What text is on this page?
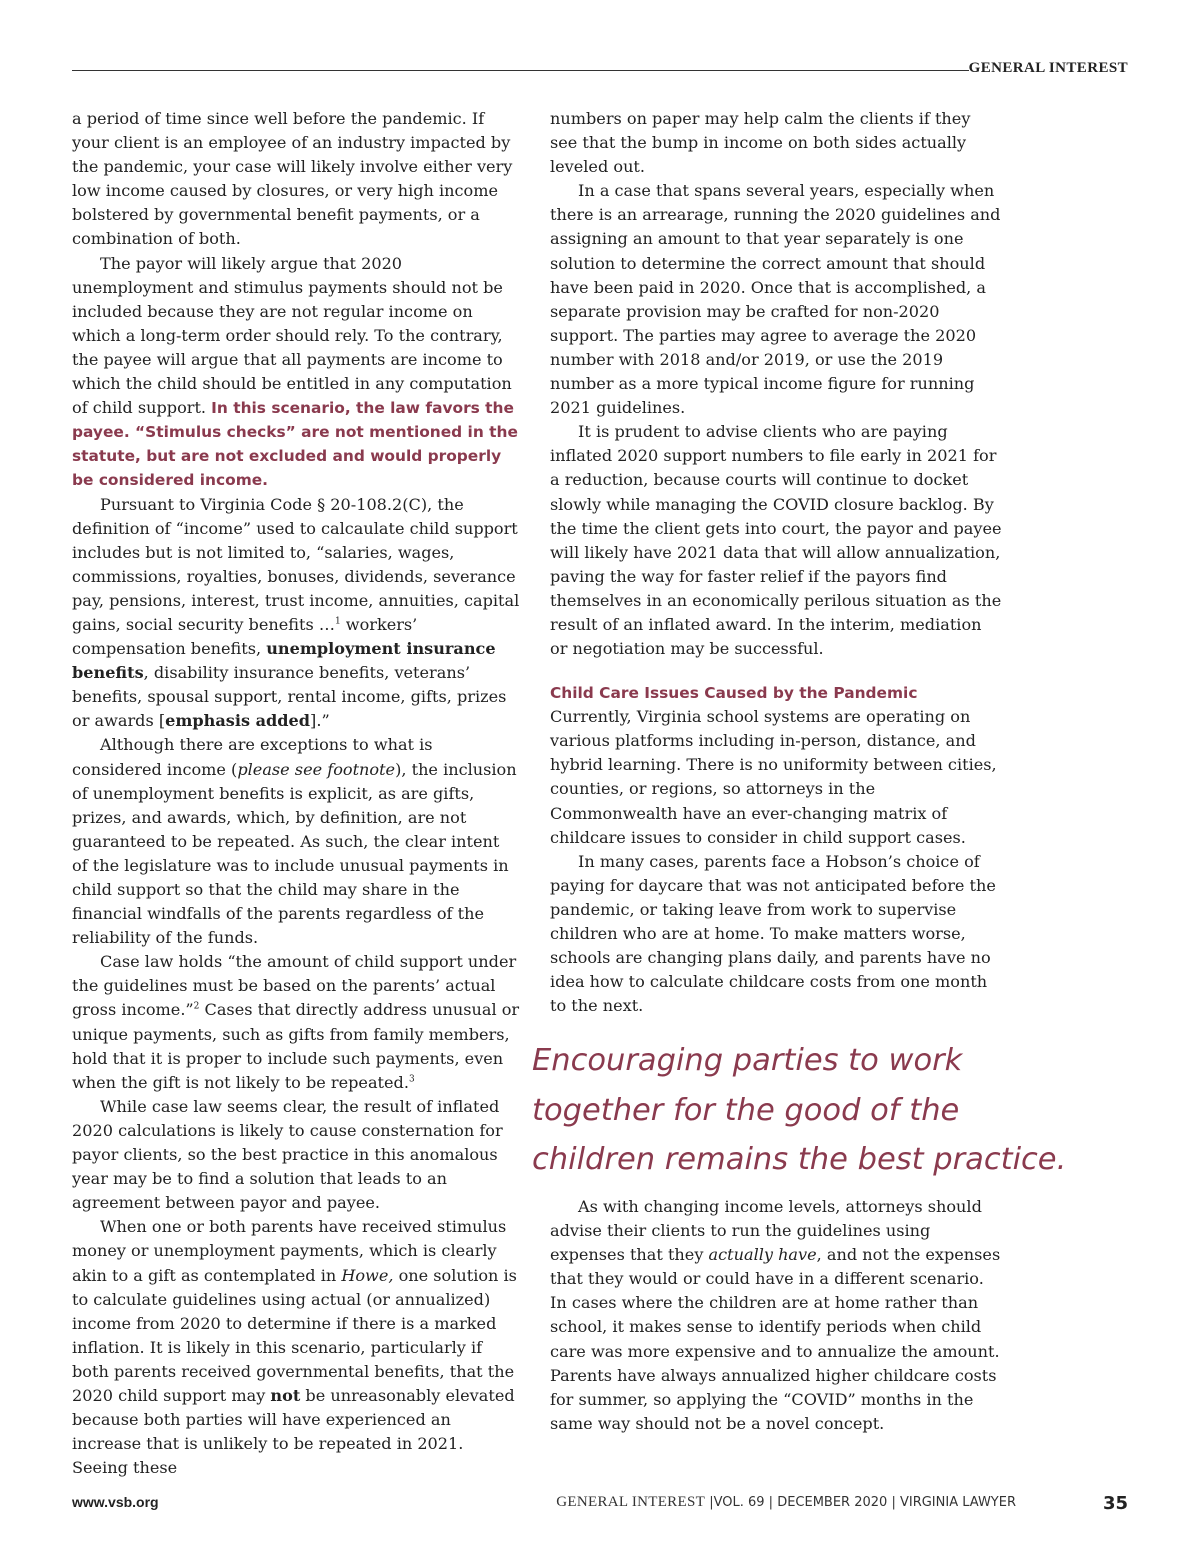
GENERAL INTEREST

a period of time since well before the pandemic. If your client is an employee of an industry impacted by the pandemic, your case will likely involve either very low income caused by closures, or very high income bolstered by governmental benefit payments, or a combination of both.

The payor will likely argue that 2020 unemployment and stimulus payments should not be included because they are not regular income on which a long-term order should rely. To the contrary, the payee will argue that all payments are income to which the child should be entitled in any computation of child support. In this scenario, the law favors the payee. “Stimulus checks” are not mentioned in the statute, but are not excluded and would properly be considered income.

Pursuant to Virginia Code § 20-108.2(C), the definition of “income” used to calcaulate child support includes but is not limited to, “salaries, wages, commissions, royalties, bonuses, dividends, severance pay, pensions, interest, trust income, annuities, capital gains, social security benefits …$^1$ workers’ compensation benefits, unemployment insurance benefits, disability insurance benefits, veterans’ benefits, spousal support, rental income, gifts, prizes or awards [emphasis added].”

Although there are exceptions to what is considered income (please see footnote), the inclusion of unemployment benefits is explicit, as are gifts, prizes, and awards, which, by definition, are not guaranteed to be repeated. As such, the clear intent of the legislature was to include unusual payments in child support so that the child may share in the financial windfalls of the parents regardless of the reliability of the funds.

Case law holds “the amount of child support under the guidelines must be based on the parents’ actual gross income.”$^2$ Cases that directly address unusual or unique payments, such as gifts from family members, hold that it is proper to include such payments, even when the gift is not likely to be repeated.$^3$

While case law seems clear, the result of inflated 2020 calculations is likely to cause consternation for payor clients, so the best practice in this anomalous year may be to find a solution that leads to an agreement between payor and payee.

When one or both parents have received stimulus money or unemployment payments, which is clearly akin to a gift as contemplated in Howe, one solution is to calculate guidelines using actual (or annualized) income from 2020 to determine if there is a marked inflation. It is likely in this scenario, particularly if both parents received governmental benefits, that the 2020 child support may not be unreasonably elevated because both parties will have experienced an increase that is unlikely to be repeated in 2021. Seeing these

numbers on paper may help calm the clients if they see that the bump in income on both sides actually leveled out.

In a case that spans several years, especially when there is an arrearage, running the 2020 guidelines and assigning an amount to that year separately is one solution to determine the correct amount that should have been paid in 2020. Once that is accomplished, a separate provision may be crafted for non-2020 support. The parties may agree to average the 2020 number with 2018 and/or 2019, or use the 2019 number as a more typical income figure for running 2021 guidelines.

It is prudent to advise clients who are paying inflated 2020 support numbers to file early in 2021 for a reduction, because courts will continue to docket slowly while managing the COVID closure backlog. By the time the client gets into court, the payor and payee will likely have 2021 data that will allow annualization, paving the way for faster relief if the payors find themselves in an economically perilous situation as the result of an inflated award. In the interim, mediation or negotiation may be successful.

Child Care Issues Caused by the Pandemic

Currently, Virginia school systems are operating on various platforms including in-person, distance, and hybrid learning. There is no uniformity between cities, counties, or regions, so attorneys in the Commonwealth have an ever-changing matrix of childcare issues to consider in child support cases.

In many cases, parents face a Hobson’s choice of paying for daycare that was not anticipated before the pandemic, or taking leave from work to supervise children who are at home. To make matters worse, schools are changing plans daily, and parents have no idea how to calculate childcare costs from one month to the next.

Encouraging parties to work together for the good of the children remains the best practice.

As with changing income levels, attorneys should advise their clients to run the guidelines using expenses that they actually have, and not the expenses that they would or could have in a different scenario. In cases where the children are at home rather than school, it makes sense to identify periods when child care was more expensive and to annualize the amount. Parents have always annualized higher childcare costs for summer, so applying the “COVID” months in the same way should not be a novel concept.

www.vsb.org	GENERAL INTEREST |VOL. 69 | DECEMBER 2020 | VIRGINIA LAWYER	35
